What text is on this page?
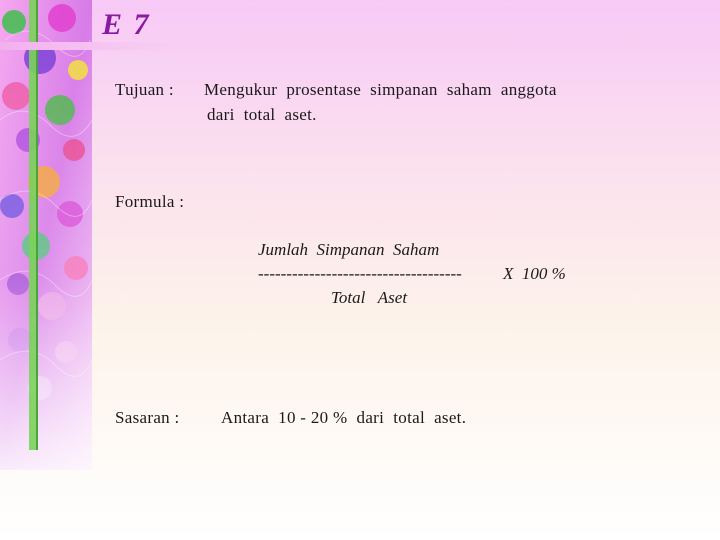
E 7
Tujuan : Mengukur  prosentase  simpanan  saham  anggota
dari  total  aset.
Formula :
Jumlah  Simpanan  Saham
------------------------------------ X  100 %
Total   Aset
Sasaran : Antara  10 - 20 %  dari  total  aset.
